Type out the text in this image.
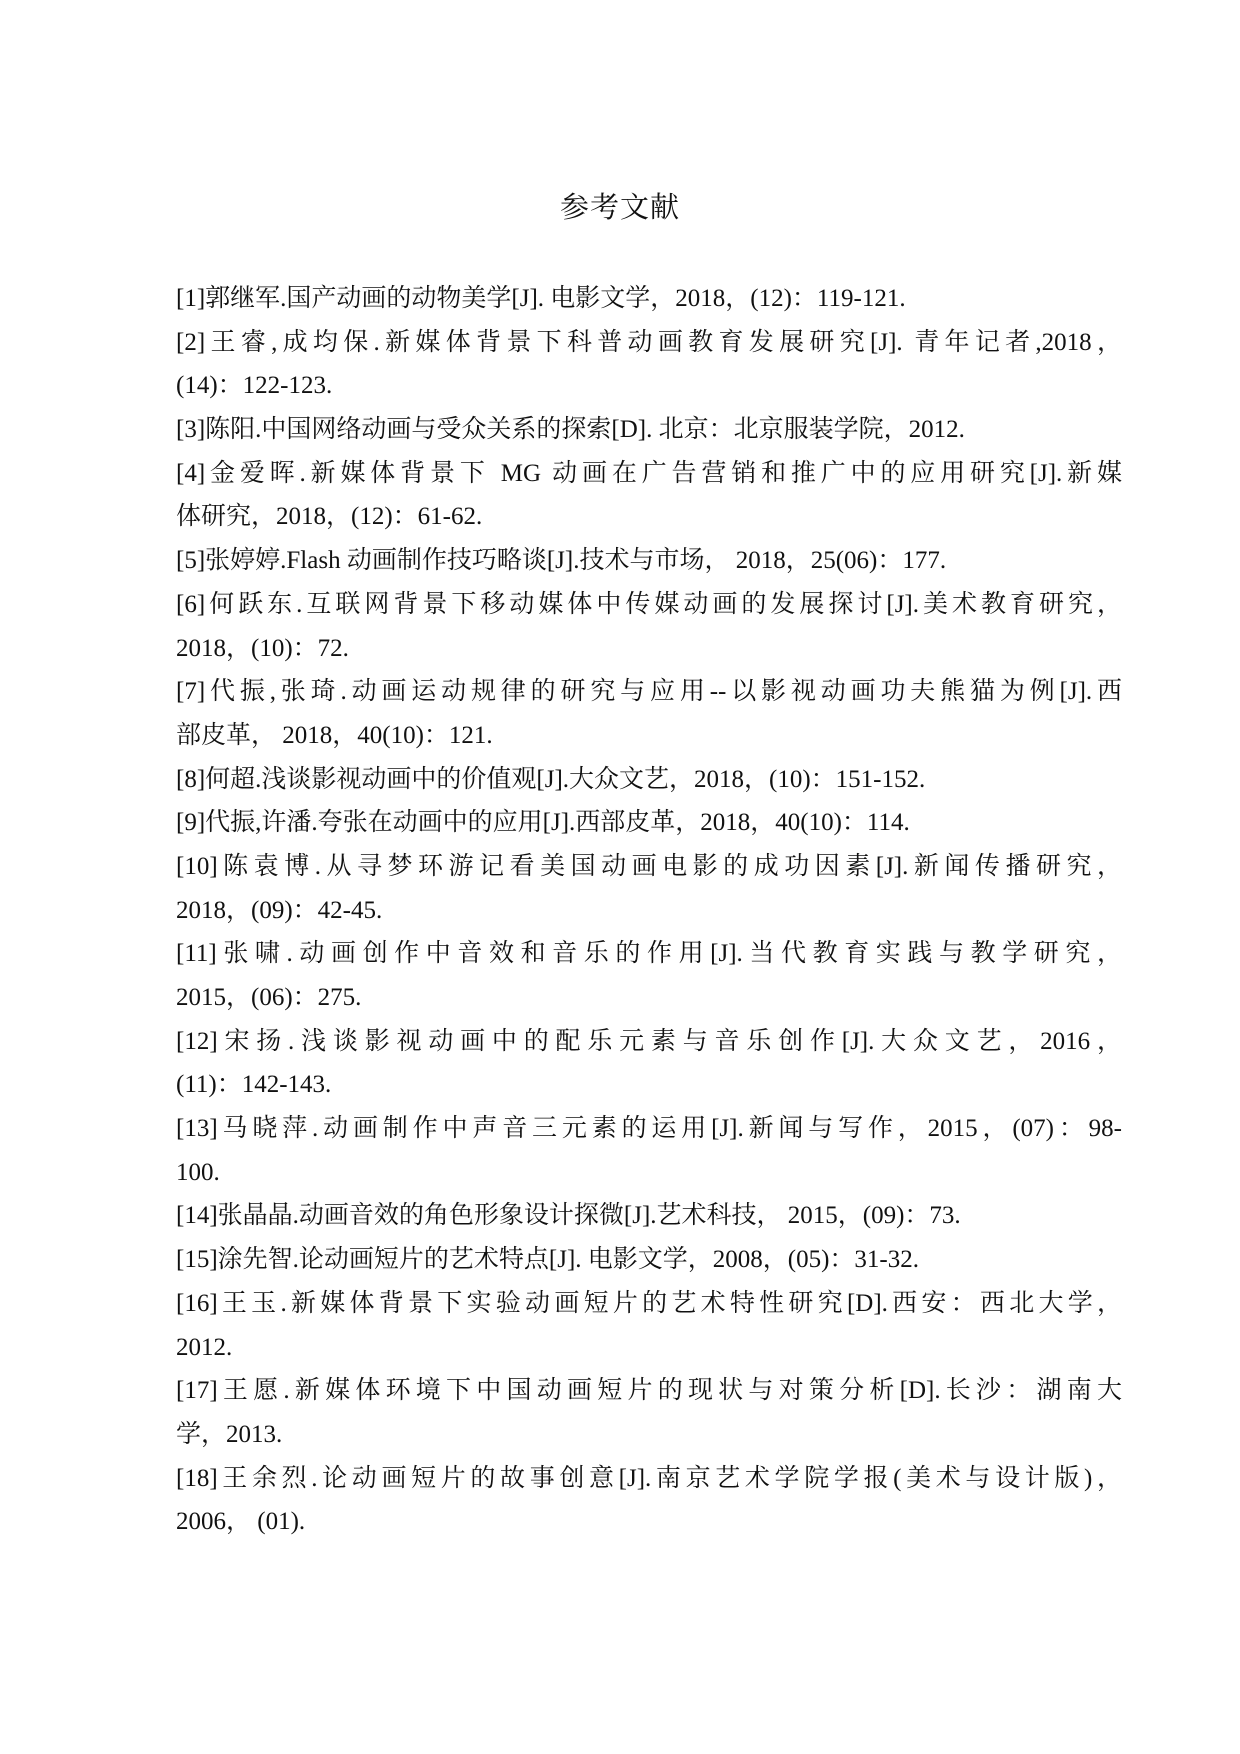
参考文献
[1]郭继军.国产动画的动物美学[J]. 电影文学，2018，(12)：119-121.
[2]王睿,成均保.新媒体背景下科普动画教育发展研究[J]. 青年记者,2018，
(14)：122-123.
[3]陈阳.中国网络动画与受众关系的探索[D]. 北京：北京服装学院，2012.
[4]金爱晖.新媒体背景下 MG 动画在广告营销和推广中的应用研究[J].新媒
体研究，2018，(12)：61-62.
[5]张婷婷.Flash 动画制作技巧略谈[J].技术与市场， 2018，25(06)：177.
[6]何跃东.互联网背景下移动媒体中传媒动画的发展探讨[J].美术教育研究，
2018，(10)：72.
[7]代振,张琦.动画运动规律的研究与应用--以影视动画功夫熊猫为例[J].西
部皮革， 2018，40(10)：121.
[8]何超.浅谈影视动画中的价值观[J].大众文艺，2018，(10)：151-152.
[9]代振,许潘.夸张在动画中的应用[J].西部皮革，2018，40(10)：114.
[10]陈袁博.从寻梦环游记看美国动画电影的成功因素[J].新闻传播研究，
2018，(09)：42-45.
[11]张啸.动画创作中音效和音乐的作用[J].当代教育实践与教学研究，
2015，(06)：275.
[12]宋扬.浅谈影视动画中的配乐元素与音乐创作[J].大众文艺，2016，
(11)：142-143.
[13]马晓萍.动画制作中声音三元素的运用[J].新闻与写作，2015，(07)：98-
100.
[14]张晶晶.动画音效的角色形象设计探微[J].艺术科技， 2015，(09)：73.
[15]涂先智.论动画短片的艺术特点[J]. 电影文学，2008，(05)：31-32.
[16]王玉.新媒体背景下实验动画短片的艺术特性研究[D].西安：西北大学，
2012.
[17]王愿.新媒体环境下中国动画短片的现状与对策分析[D].长沙：湖南大
学，2013.
[18]王余烈.论动画短片的故事创意[J].南京艺术学院学报(美术与设计版)，
2006， (01).
